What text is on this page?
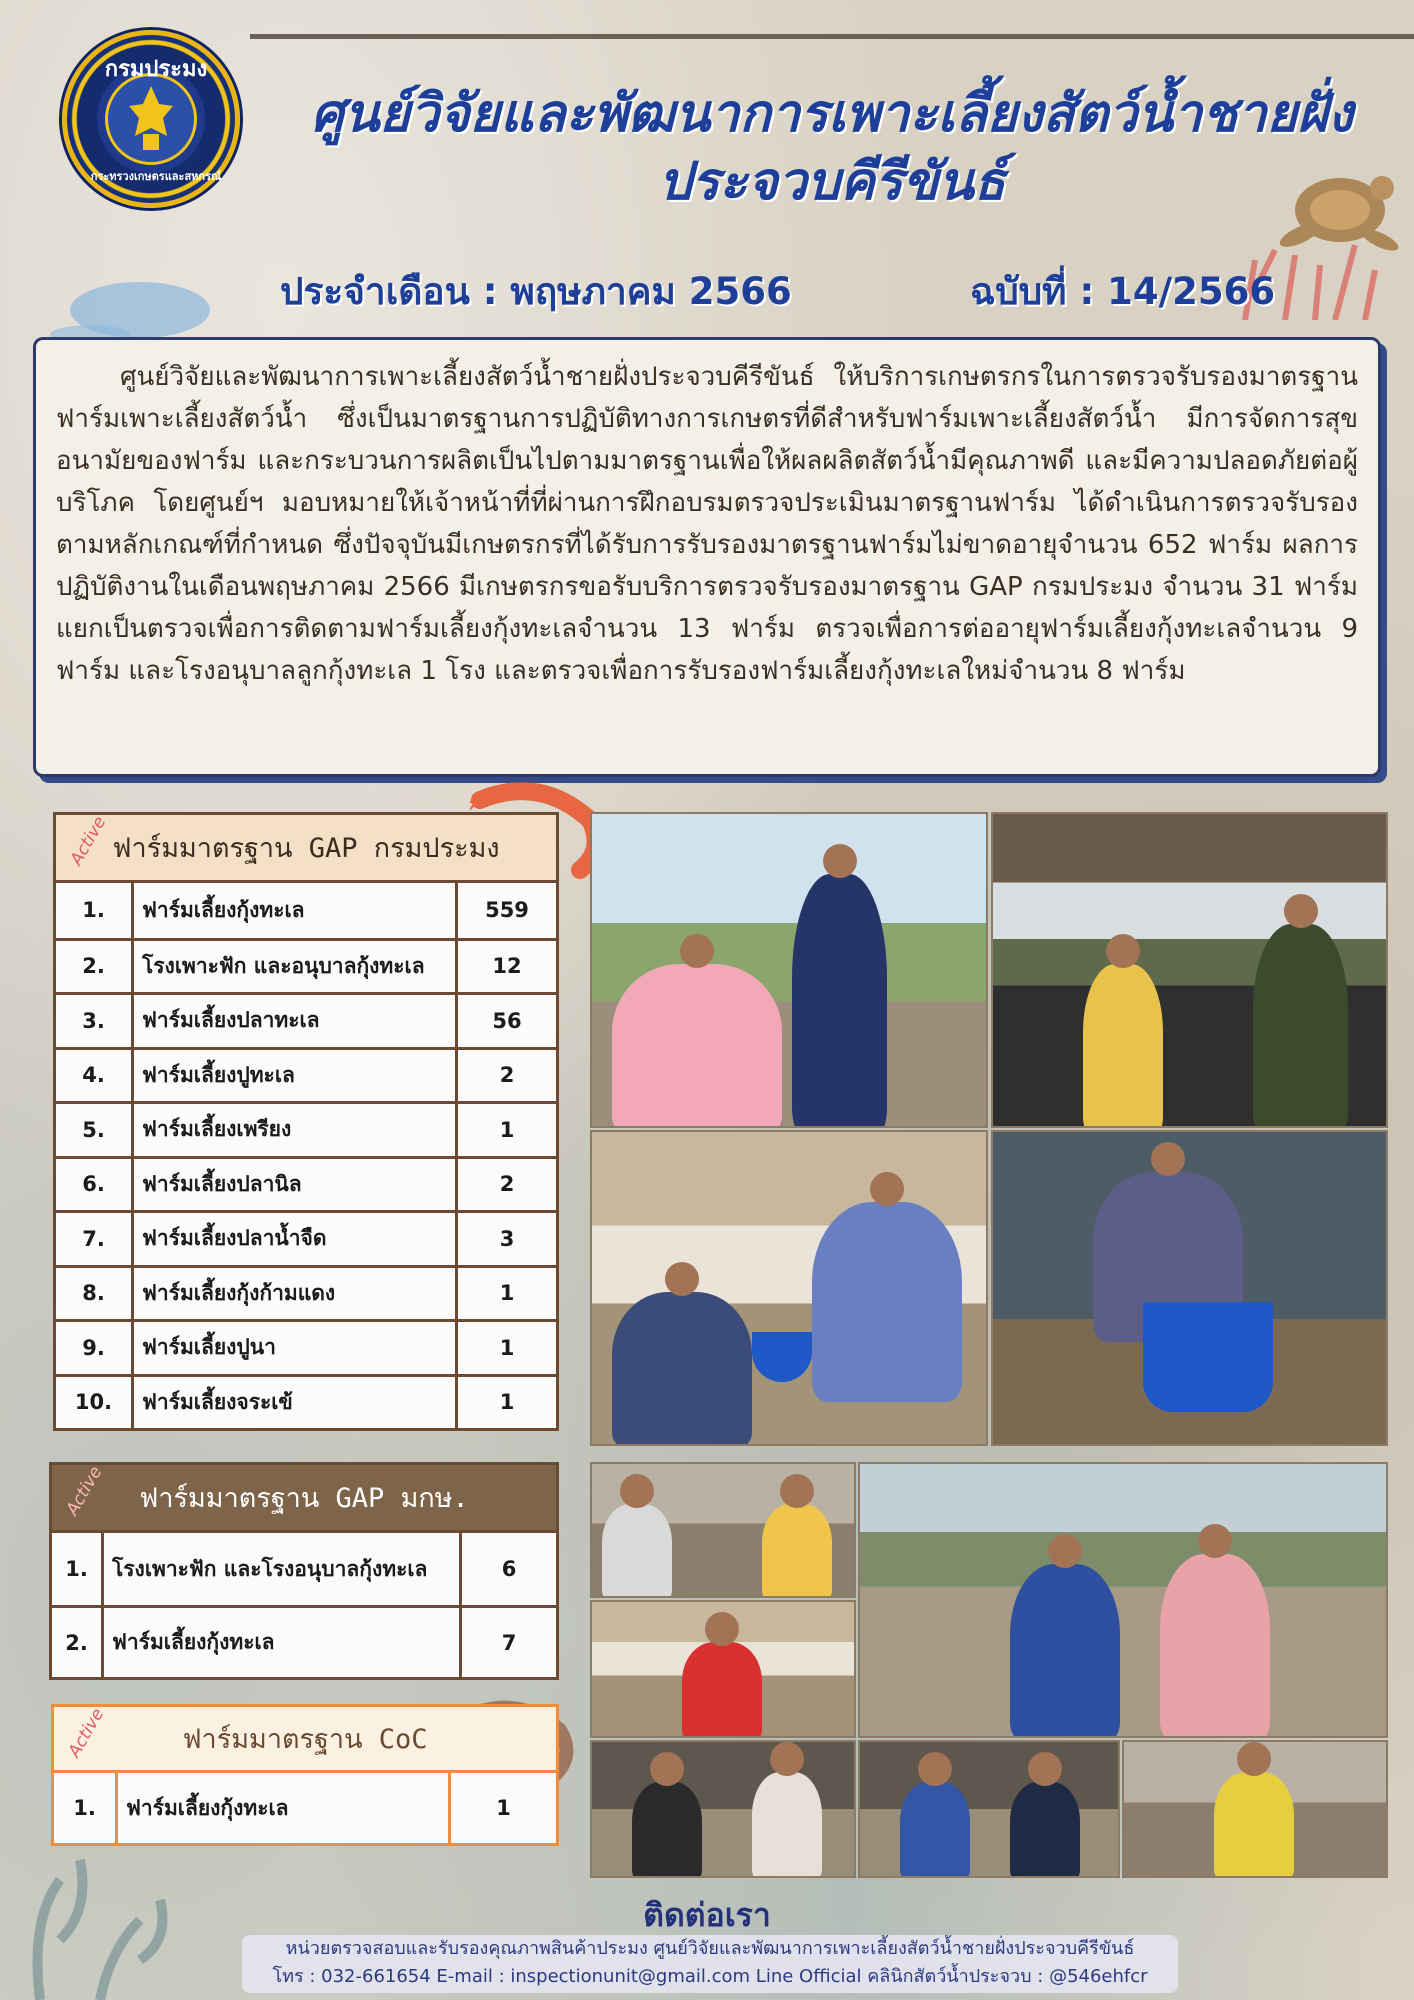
กรมประมง
กระทรวงเกษตรและสหกรณ์
ศูนย์วิจัยและพัฒนาการเพาะเลี้ยงสัตว์น้ำชายฝั่ง
ประจวบคีรีขันธ์
ประจำเดือน : พฤษภาคม 2566	ฉบับที่ : 14/2566

ศูนย์วิจัยและพัฒนาการเพาะเลี้ยงสัตว์น้ำชายฝั่งประจวบคีรีขันธ์ ให้บริการเกษตรกรในการตรวจรับรองมาตรฐานฟาร์มเพาะเลี้ยงสัตว์น้ำ ซึ่งเป็นมาตรฐานการปฏิบัติทางการเกษตรที่ดีสำหรับฟาร์มเพาะเลี้ยงสัตว์น้ำ มีการจัดการสุขอนามัยของฟาร์ม และกระบวนการผลิตเป็นไปตามมาตรฐานเพื่อให้ผลผลิตสัตว์น้ำมีคุณภาพดี และมีความปลอดภัยต่อผู้บริโภค โดยศูนย์ฯ มอบหมายให้เจ้าหน้าที่ที่ผ่านการฝึกอบรมตรวจประเมินมาตรฐานฟาร์ม ได้ดำเนินการตรวจรับรองตามหลักเกณฑ์ที่กำหนด ซึ่งปัจจุบันมีเกษตรกรที่ได้รับการรับรองมาตรฐานฟาร์มไม่ขาดอายุจำนวน 652 ฟาร์ม ผลการปฏิบัติงานในเดือนพฤษภาคม 2566 มีเกษตรกรขอรับบริการตรวจรับรองมาตรฐาน GAP กรมประมง จำนวน 31 ฟาร์ม แยกเป็นตรวจเพื่อการติดตามฟาร์มเลี้ยงกุ้งทะเลจำนวน 13 ฟาร์ม ตรวจเพื่อการต่ออายุฟาร์มเลี้ยงกุ้งทะเลจำนวน 9 ฟาร์ม และโรงอนุบาลลูกกุ้งทะเล 1 โรง และตรวจเพื่อการรับรองฟาร์มเลี้ยงกุ้งทะเลใหม่จำนวน 8 ฟาร์ม

Active ฟาร์มมาตรฐาน GAP กรมประมง
1.	ฟาร์มเลี้ยงกุ้งทะเล	559
2.	โรงเพาะฟัก และอนุบาลกุ้งทะเล	12
3.	ฟาร์มเลี้ยงปลาทะเล	56
4.	ฟาร์มเลี้ยงปูทะเล	2
5.	ฟาร์มเลี้ยงเพรียง	1
6.	ฟาร์มเลี้ยงปลานิล	2
7.	ฟาร์มเลี้ยงปลาน้ำจืด	3
8.	ฟาร์มเลี้ยงกุ้งก้ามแดง	1
9.	ฟาร์มเลี้ยงปูนา	1
10.	ฟาร์มเลี้ยงจระเข้	1
Active ฟาร์มมาตรฐาน GAP มกษ.
1.	โรงเพาะฟัก และโรงอนุบาลกุ้งทะเล	6
2.	ฟาร์มเลี้ยงกุ้งทะเล	7
Active	ฟาร์มมาตรฐาน CoC
1.	ฟาร์มเลี้ยงกุ้งทะเล	1
ติดต่อเรา
หน่วยตรวจสอบและรับรองคุณภาพสินค้าประมง ศูนย์วิจัยและพัฒนาการเพาะเลี้ยงสัตว์น้ำชายฝั่งประจวบคีรีขันธ์
โทร : 032-661654 E-mail : inspectionunit@gmail.com Line Official คลินิกสัตว์น้ำประจวบ : @546ehfcr
